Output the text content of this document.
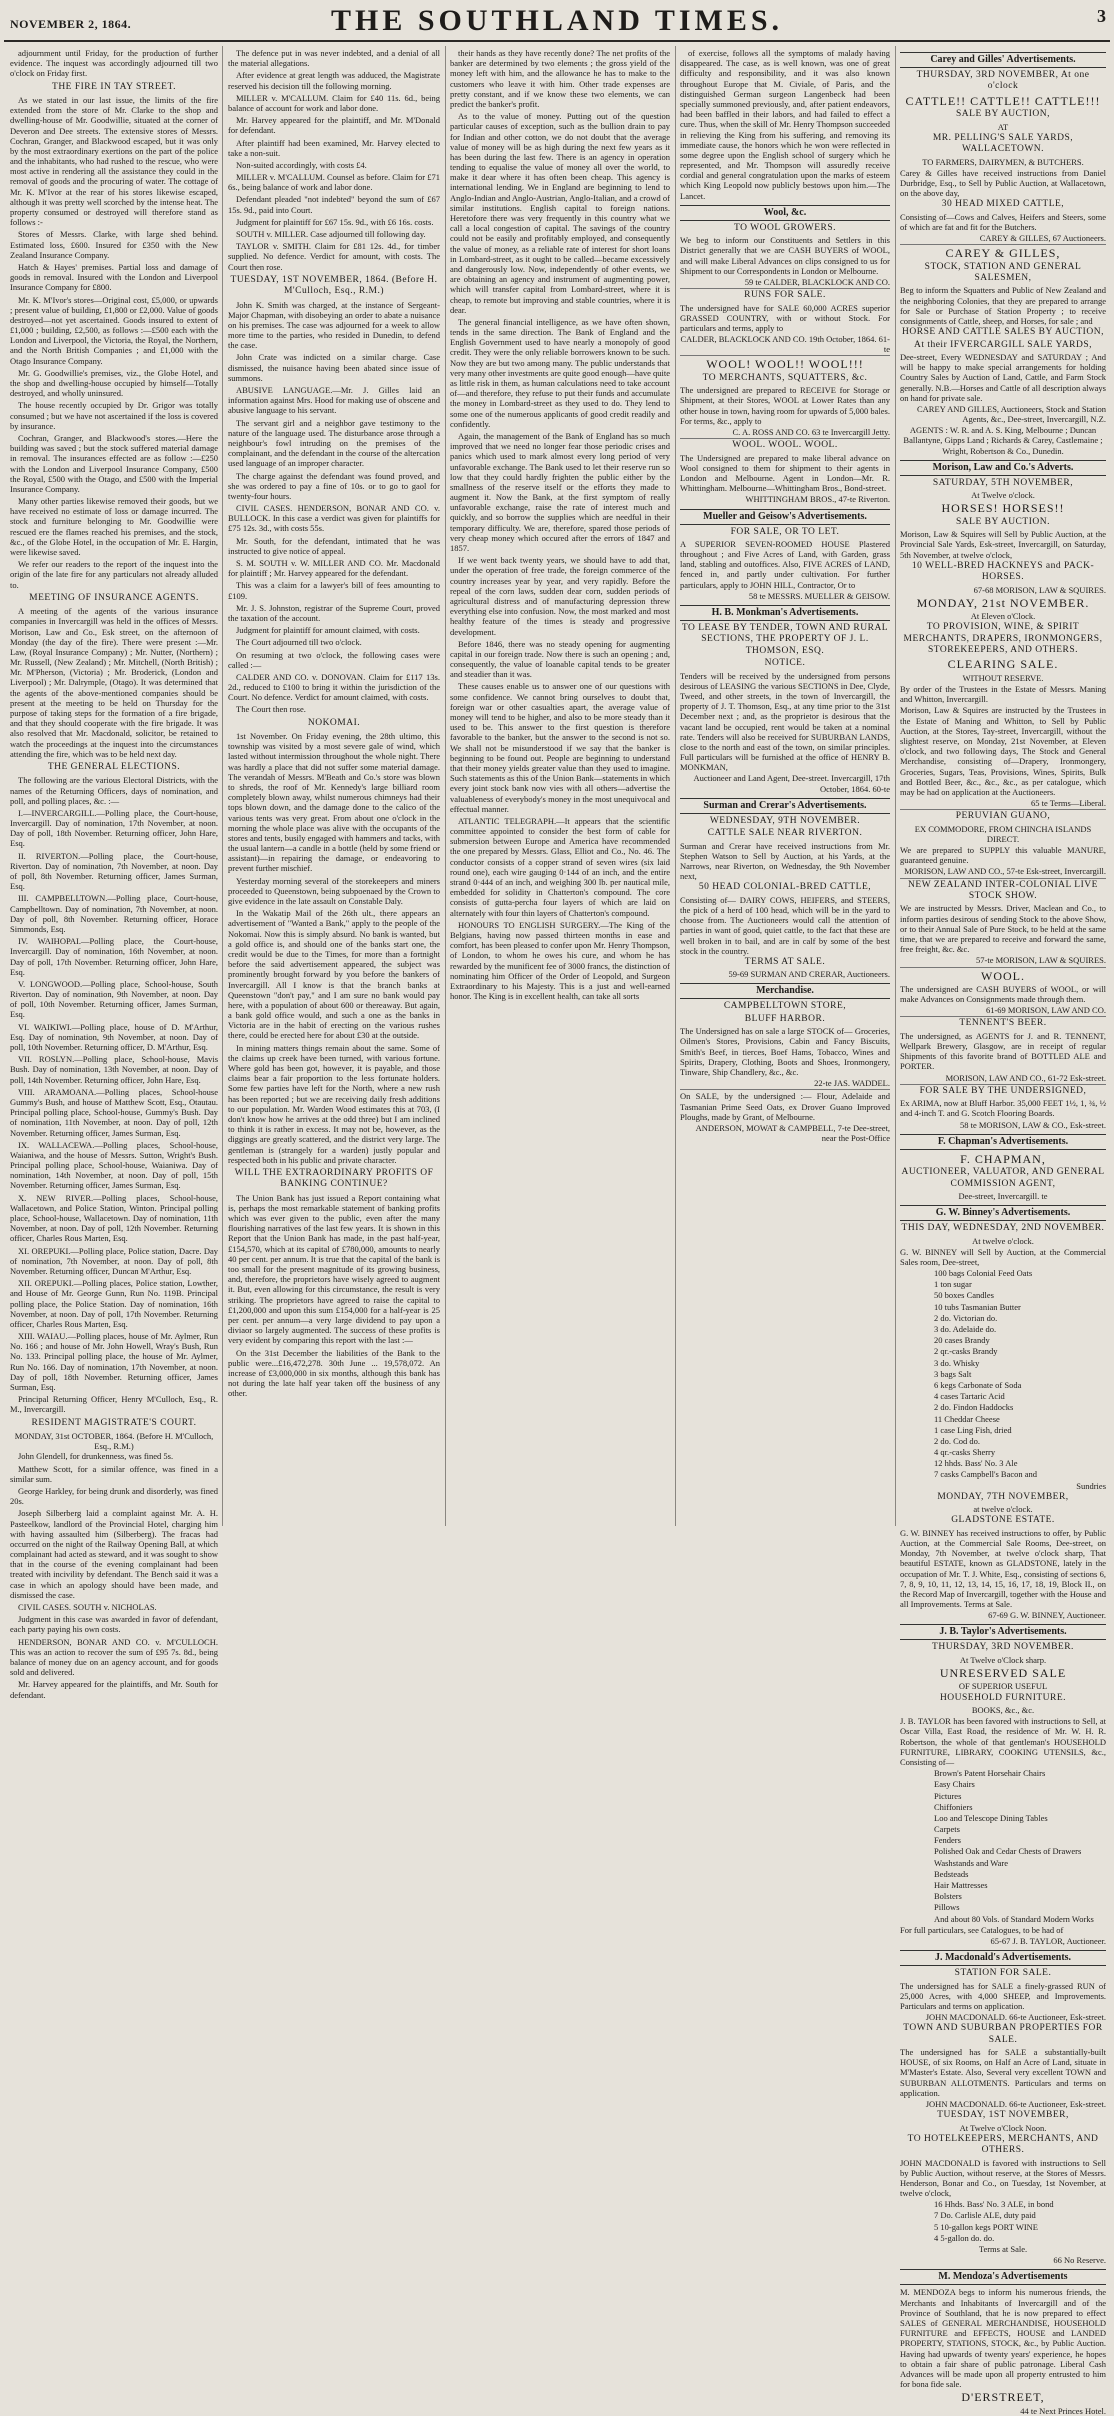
NOVEMBER 2, 1864.	THE SOUTHLAND TIMES.	3

adjournment until Friday, for the production of further evidence. The inquest was accordingly adjourned till two o'clock on Friday first.

THE FIRE IN TAY STREET.

As we stated in our last issue, the limits of the fire extended from the store of Mr. Clarke to the shop and dwelling-house of Mr. Goodwillie, situated at the corner of Deveron and Dee streets. The extensive stores of Messrs. Cochran, Granger, and Blackwood escaped, but it was only by the most extraordinary exertions on the part of the police and the inhabitants, who had rushed to the rescue, who were most active in rendering all the assistance they could in the removal of goods and the procuring of water. The cottage of Mr. K. M'Ivor at the rear of his stores likewise escaped, although it was pretty well scorched by the intense heat. The property consumed or destroyed will therefore stand as follows :-

Stores of Messrs. Clarke, with large shed behind. Estimated loss, £600. Insured for £350 with the New Zealand Insurance Company.

Hatch & Hayes' premises. Partial loss and damage of goods in removal. Insured with the London and Liverpool Insurance Company for £800.

Mr. K. M'Ivor's stores—Original cost, £5,000, or upwards ; present value of building, £1,800 or £2,000. Value of goods destroyed—not yet ascertained. Goods insured to extent of £1,000 ; building, £2,500, as follows :—£500 each with the London and Liverpool, the Victoria, the Royal, the Northern, and the North British Companies ; and £1,000 with the Otago Insurance Company.

Mr. G. Goodwillie's premises, viz., the Globe Hotel, and the shop and dwelling-house occupied by himself—Totally destroyed, and wholly uninsured.

The house recently occupied by Dr. Grigor was totally consumed ; but we have not ascertained if the loss is covered by insurance.

Cochran, Granger, and Blackwood's stores.—Here the building was saved ; but the stock suffered material damage in removal. The insurances effected are as follow :—£250 with the London and Liverpool Insurance Company, £500 the Royal, £500 with the Otago, and £500 with the Imperial Insurance Company.

Many other parties likewise removed their goods, but we have received no estimate of loss or damage incurred. The stock and furniture belonging to Mr. Goodwillie were rescued ere the flames reached his premises, and the stock, &c., of the Globe Hotel, in the occupation of Mr. E. Hargin, were likewise saved.

We refer our readers to the report of the inquest into the origin of the late fire for any particulars not already alluded to.

MEETING OF INSURANCE AGENTS.

A meeting of the agents of the various insurance companies in Invercargill was held in the offices of Messrs. Morison, Law and Co., Esk street, on the afternoon of Monday (the day of the fire). There were present :—Mr. Law, (Royal Insurance Company) ; Mr. Nutter, (Northern) ; Mr. Russell, (New Zealand) ; Mr. Mitchell, (North British) ; Mr. M'Pherson, (Victoria) ; Mr. Broderick, (London and Liverpool) ; Mr. Dalrymple, (Otago). It was determined that the agents of the above-mentioned companies should be present at the meeting to be held on Thursday for the purpose of taking steps for the formation of a fire brigade, and that they should cooperate with the fire brigade. It was also resolved that Mr. Macdonald, solicitor, be retained to watch the proceedings at the inquest into the circumstances attending the fire, which was to be held next day.

THE GENERAL ELECTIONS.

The following are the various Electoral Districts, with the names of the Returning Officers, days of nomination, and poll, and polling places, &c. :—

I.—INVERCARGILL.—Polling place, the Court-house, Invercargill. Day of nomination, 17th November, at noon. Day of poll, 18th November. Returning officer, John Hare, Esq.

II. RIVERTON.—Polling place, the Court-house, Riverton. Day of nomination, 7th November, at noon. Day of poll, 8th November. Returning officer, James Surman, Esq.

III. CAMPBELLTOWN.—Polling place, Court-house, Campbelltown. Day of nomination, 7th November, at noon. Day of poll, 8th November. Returning officer, Horace Simmonds, Esq.

IV. WAIHOPAI.—Polling place, the Court-house, Invercargill. Day of nomination, 16th November, at noon. Day of poll, 17th November. Returning officer, John Hare, Esq.

V. LONGWOOD.—Polling place, School-house, South Riverton. Day of nomination, 9th November, at noon. Day of poll, 10th November. Returning officer, James Surman, Esq.

VI. WAIKIWI.—Polling place, house of D. M'Arthur, Esq. Day of nomination, 9th November, at noon. Day of poll, 10th November. Returning officer, D. M'Arthur, Esq.

VII. ROSLYN.—Polling place, School-house, Mavis Bush. Day of nomination, 13th November, at noon. Day of poll, 14th November. Returning officer, John Hare, Esq.

VIII. ARAMOANA.—Polling places, School-house Gummy's Bush, and house of Matthew Scott, Esq., Otautau. Principal polling place, School-house, Gummy's Bush. Day of nomination, 11th November, at noon. Day of poll, 12th November. Returning officer, James Surman, Esq.

IX. WALLACEWA.—Polling places, School-house, Waianiwa, and the house of Messrs. Sutton, Wright's Bush. Principal polling place, School-house, Waianiwa. Day of nomination, 14th November, at noon. Day of poll, 15th November. Returning officer, James Surman, Esq.

X. NEW RIVER.—Polling places, School-house, Wallacetown, and Police Station, Winton. Principal polling place, School-house, Wallacetown. Day of nomination, 11th November, at noon. Day of poll, 12th November. Returning officer, Charles Rous Marten, Esq.

XI. OREPUKI.—Polling place, Police station, Dacre. Day of nomination, 7th November, at noon. Day of poll, 8th November. Returning officer, Duncan M'Arthur, Esq.

XII. OREPUKI.—Polling places, Police station, Lowther, and House of Mr. George Gunn, Run No. 119B. Principal polling place, the Police Station. Day of nomination, 16th November, at noon. Day of poll, 17th November. Returning officer, Charles Rous Marten, Esq.

XIII. WAIAU.—Polling places, house of Mr. Aylmer, Run No. 166 ; and house of Mr. John Howell, Wray's Bush, Run No. 133. Principal polling place, the house of Mr. Aylmer, Run No. 166. Day of nomination, 17th November, at noon. Day of poll, 18th November. Returning officer, James Surman, Esq.

Principal Returning Officer, Henry M'Culloch, Esq., R. M., Invercargill.

RESIDENT MAGISTRATE'S COURT.
MONDAY, 31st OCTOBER, 1864. (Before H. M'Culloch, Esq., R.M.)

John Glendell, for drunkenness, was fined 5s.

Matthew Scott, for a similar offence, was fined in a similar sum.

George Harkley, for being drunk and disorderly, was fined 20s.

Joseph Silberberg laid a complaint against Mr. A. H. Pasteelkow, landlord of the Provincial Hotel, charging him with having assaulted him (Silberberg). The fracas had occurred on the night of the Railway Opening Ball, at which complainant had acted as steward, and it was sought to show that in the course of the evening complainant had been treated with incivility by defendant. The Bench said it was a case in which an apology should have been made, and dismissed the case.

CIVIL CASES. SOUTH v. NICHOLAS.

Judgment in this case was awarded in favor of defendant, each party paying his own costs.

HENDERSON, BONAR AND CO. v. M'CULLOCH. This was an action to recover the sum of £95 7s. 8d., being balance of money due on an agency account, and for goods sold and delivered.

Mr. Harvey appeared for the plaintiffs, and Mr. South for defendant.

The defence put in was never indebted, and a denial of all the material allegations.

After evidence at great length was adduced, the Magistrate reserved his decision till the following morning.

MILLER v. M'CALLUM. Claim for £40 11s. 6d., being balance of account for work and labor done.

Mr. Harvey appeared for the plaintiff, and Mr. M'Donald for defendant.

After plaintiff had been examined, Mr. Harvey elected to take a non-suit.

Non-suited accordingly, with costs £4.

MILLER v. M'CALLUM. Counsel as before. Claim for £71 6s., being balance of work and labor done.

Defendant pleaded "not indebted" beyond the sum of £67 15s. 9d., paid into Court.

Judgment for plaintiff for £67 15s. 9d., with £6 16s. costs.

SOUTH v. MILLER. Case adjourned till following day.

TAYLOR v. SMITH. Claim for £81 12s. 4d., for timber supplied. No defence. Verdict for amount, with costs. The Court then rose.

TUESDAY, 1ST NOVEMBER, 1864. (Before H. M'Culloch, Esq., R.M.)

John K. Smith was charged, at the instance of Sergeant-Major Chapman, with disobeying an order to abate a nuisance on his premises. The case was adjourned for a week to allow more time to the parties, who resided in Dunedin, to defend the case.

John Crate was indicted on a similar charge. Case dismissed, the nuisance having been abated since issue of summons.

ABUSIVE LANGUAGE.—Mr. J. Gilles laid an information against Mrs. Hood for making use of obscene and abusive language to his servant.

The servant girl and a neighbor gave testimony to the nature of the language used. The disturbance arose through a neighbour's fowl intruding on the premises of the complainant, and the defendant in the course of the altercation used language of an improper character.

The charge against the defendant was found proved, and she was ordered to pay a fine of 10s. or to go to gaol for twenty-four hours.

CIVIL CASES. HENDERSON, BONAR AND CO. v. BULLOCK. In this case a verdict was given for plaintiffs for £75 12s. 3d., with costs 55s.

Mr. South, for the defendant, intimated that he was instructed to give notice of appeal.

S. M. SOUTH v. W. MILLER AND CO. Mr. Macdonald for plaintiff ; Mr. Harvey appeared for the defendant.

This was a claim for a lawyer's bill of fees amounting to £109.

Mr. J. S. Johnston, registrar of the Supreme Court, proved the taxation of the account.

Judgment for plaintiff for amount claimed, with costs.

The Court adjourned till two o'clock.

On resuming at two o'clock, the following cases were called :—

CALDER AND CO. v. DONOVAN. Claim for £117 13s. 2d., reduced to £100 to bring it within the jurisdiction of the Court. No defence. Verdict for amount claimed, with costs.

The Court then rose.

NOKOMAI.

1st November. On Friday evening, the 28th ultimo, this township was visited by a most severe gale of wind, which lasted without intermission throughout the whole night. There was hardly a place that did not suffer some material damage. The verandah of Messrs. M'Beath and Co.'s store was blown to shreds, the roof of Mr. Kennedy's large billiard room completely blown away, whilst numerous chimneys had their tops blown down, and the damage done to the calico of the various tents was very great. From about one o'clock in the morning the whole place was alive with the occupants of the stores and tents, busily engaged with hammers and tacks, with the usual lantern—a candle in a bottle (held by some friend or assistant)—in repairing the damage, or endeavoring to prevent further mischief.

Yesterday morning several of the storekeepers and miners proceeded to Queenstown, being subpoenaed by the Crown to give evidence in the late assault on Constable Daly.

In the Wakatip Mail of the 26th ult., there appears an advertisement of "Wanted a Bank," apply to the people of the Nokomai. Now this is simply absurd. No bank is wanted, but a gold office is, and should one of the banks start one, the credit would be due to the Times, for more than a fortnight before the said advertisement appeared, the subject was prominently brought forward by you before the bankers of Invercargill. All I know is that the branch banks at Queenstown "don't pay," and I am sure no bank would pay here, with a population of about 600 or thereaway. But again, a bank gold office would, and such a one as the banks in Victoria are in the habit of erecting on the various rushes there, could be erected here for about £30 at the outside.

In mining matters things remain about the same. Some of the claims up creek have been turned, with various fortune. Where gold has been got, however, it is payable, and those claims bear a fair proportion to the less fortunate holders. Some few parties have left for the North, where a new rush has been reported ; but we are receiving daily fresh additions to our population. Mr. Warden Wood estimates this at 703, (I don't know how he arrives at the odd three) but I am inclined to think it is rather in excess. It may not be, however, as the diggings are greatly scattered, and the district very large. The gentleman is (strangely for a warden) justly popular and respected both in his public and private character.

WILL THE EXTRAORDINARY PROFITS OF BANKING CONTINUE?

The Union Bank has just issued a Report containing what is, perhaps the most remarkable statement of banking profits which was ever given to the public, even after the many flourishing narratives of the last few years. It is shown in this Report that the Union Bank has made, in the past half-year, £154,570, which at its capital of £780,000, amounts to nearly 40 per cent. per annum. It is true that the capital of the bank is too small for the present magnitude of its growing business, and, therefore, the proprietors have wisely agreed to augment it. But, even allowing for this circumstance, the result is very striking. The proprietors have agreed to raise the capital to £1,200,000 and upon this sum £154,000 for a half-year is 25 per cent. per annum—a very large dividend to pay upon a diviaor so largely augmented. The success of these profits is very evident by comparing this report with the last :—

On the 31st December the liabilities of the Bank to the public were...£16,472,278. 30th June ... 19,578,072. An increase of £3,000,000 in six months, although this bank has not during the late half year taken off the business of any other.

their hands as they have recently done? The net profits of the banker are determined by two elements ; the gross yield of the money left with him, and the allowance he has to make to the customers who leave it with him. Other trade expenses are pretty constant, and if we know these two elements, we can predict the banker's profit.

As to the value of money. Putting out of the question particular causes of exception, such as the bullion drain to pay for Indian and other cotton, we do not doubt that the average value of money will be as high during the next few years as it has been during the last few. There is an agency in operation tending to equalise the value of money all over the world, to make it dear where it has often been cheap. This agency is international lending. We in England are beginning to lend to Anglo-Indian and Anglo-Austrian, Anglo-Italian, and a crowd of similar institutions. English capital to foreign nations. Heretofore there was very frequently in this country what we call a local congestion of capital. The savings of the country could not be easily and profitably employed, and consequently the value of money, as a reliable rate of interest for short loans in Lombard-street, as it ought to be called—became excessively and dangerously low. Now, independently of other events, we are obtaining an agency and instrument of augmenting power, which will transfer capital from Lombard-street, where it is cheap, to remote but improving and stable countries, where it is dear.

The general financial intelligence, as we have often shown, tends in the same direction. The Bank of England and the English Government used to have nearly a monopoly of good credit. They were the only reliable borrowers known to be such. Now they are but two among many. The public understands that very many other investments are quite good enough—have quite as little risk in them, as human calculations need to take account of—and therefore, they refuse to put their funds and accumulate the money in Lombard-street as they used to do. They lend to some one of the numerous applicants of good credit readily and confidently.

Again, the management of the Bank of England has so much improved that we need no longer fear those periodic crises and panics which used to mark almost every long period of very unfavorable exchange. The Bank used to let their reserve run so low that they could hardly frighten the public either by the smallness of the reserve itself or the efforts they made to augment it. Now the Bank, at the first symptom of really unfavorable exchange, raise the rate of interest much and quickly, and so borrow the supplies which are needful in their temporary difficulty. We are, therefore, spared those periods of very cheap money which occured after the errors of 1847 and 1857.

If we went back twenty years, we should have to add that, under the operation of free trade, the foreign commerce of the country increases year by year, and very rapidly. Before the repeal of the corn laws, sudden dear corn, sudden periods of agricultural distress and of manufacturing depression threw everything else into confusion. Now, the most marked and most healthy feature of the times is steady and progressive development.

Before 1846, there was no steady opening for augmenting capital in our foreign trade. Now there is such an opening ; and, consequently, the value of loanable capital tends to be greater and steadier than it was.

These causes enable us to answer one of our questions with some confidence. We cannot bring ourselves to doubt that, foreign war or other casualties apart, the average value of money will tend to be higher, and also to be more steady than it used to be. This answer to the first question is therefore favorable to the banker, but the answer to the second is not so. We shall not be misunderstood if we say that the banker is beginning to be found out. People are beginning to understand that their money yields greater value than they used to imagine. Such statements as this of the Union Bank—statements in which every joint stock bank now vies with all others—advertise the valuableness of everybody's money in the most unequivocal and effectual manner.

ATLANTIC TELEGRAPH.—It appears that the scientific committee appointed to consider the best form of cable for submersion between Europe and America have recommended the one prepared by Messrs. Glass, Elliot and Co., No. 46. The conductor consists of a copper strand of seven wires (six laid round one), each wire gauging 0·144 of an inch, and the entire strand 0·444 of an inch, and weighing 300 lb. per nautical mile, embedded for solidity in Chatterton's compound. The core consists of gutta-percha four layers of which are laid on alternately with four thin layers of Chatterton's compound.

HONOURS TO ENGLISH SURGERY.—The King of the Belgians, having now passed thirteen months in ease and comfort, has been pleased to confer upon Mr. Henry Thompson, of London, to whom he owes his cure, and whom he has rewarded by the munificent fee of 3000 francs, the distinction of nominating him Officer of the Order of Leopold, and Surgeon Extraordinary to his Majesty. This is a just and well-earned honor. The King is in excellent health, can take all sorts

of exercise, follows all the symptoms of malady having disappeared. The case, as is well known, was one of great difficulty and responsibility, and it was also known throughout Europe that M. Civiale, of Paris, and the distinguished German surgeon Langenbeck had been specially summoned previously, and, after patient endeavors, had been baffled in their labors, and had failed to effect a cure. Thus, when the skill of Mr. Henry Thompson succeeded in relieving the King from his suffering, and removing its immediate cause, the honors which he won were reflected in some degree upon the English school of surgery which he represented, and Mr. Thompson will assuredly receive cordial and general congratulation upon the marks of esteem which King Leopold now publicly bestows upon him.—The Lancet.

Wool, &c.
TO WOOL GROWERS.
We beg to inform our Constituents and Settlers in this District generally that we are CASH BUYERS of WOOL, and will make Liberal Advances on clips consigned to us for Shipment to our Correspondents in London or Melbourne.
59 te CALDER, BLACKLOCK AND CO.
RUNS FOR SALE.
The undersigned have for SALE 60,000 ACRES superior GRASSED COUNTRY, with or without Stock. For particulars and terms, apply to
CALDER, BLACKLOCK AND CO. 19th October, 1864. 61-te
WOOL! WOOL!! WOOL!!!
TO MERCHANTS, SQUATTERS, &c.
The undersigned are prepared to RECEIVE for Storage or Shipment, at their Stores, WOOL at Lower Rates than any other house in town, having room for upwards of 5,000 bales. For terms, &c., apply to
C. A. ROSS AND CO. 63 te Invercargill Jetty.
WOOL. WOOL. WOOL.
The Undersigned are prepared to make liberal advance on Wool consigned to them for shipment to their agents in London and Melbourne. Agent in London—Mr. R. Whittingham. Melbourne—Whittingham Bros., Bond-street.
WHITTINGHAM BROS., 47-te Riverton.
Mueller and Geisow's Advertisements.
FOR SALE, OR TO LET.
A SUPERIOR SEVEN-ROOMED HOUSE Plastered throughout ; and Five Acres of Land, with Garden, grass land, stabling and outoffices. Also, FIVE ACRES of LAND, fenced in, and partly under cultivation. For further particulars, apply to JOHN HILL, Contractor, Or to
58 te MESSRS. MUELLER & GEISOW.
H. B. Monkman's Advertisements.
TO LEASE BY TENDER, TOWN AND RURAL SECTIONS, THE PROPERTY OF J. L. THOMSON, ESQ.
NOTICE.
Tenders will be received by the undersigned from persons desirous of LEASING the various SECTIONS in Dee, Clyde, Tweed, and other streets, in the town of Invercargill, the property of J. T. Thomson, Esq., at any time prior to the 31st December next ; and, as the proprietor is desirous that the vacant land be occupied, rent would be taken at a nominal rate. Tenders will also be received for SUBURBAN LANDS, close to the north and east of the town, on similar principles. Full particulars will be furnished at the office of HENRY B. MONKMAN,
Auctioneer and Land Agent, Dee-street. Invercargill, 17th October, 1864. 60-te
Surman and Crerar's Advertisements.
WEDNESDAY, 9TH NOVEMBER.
CATTLE SALE NEAR RIVERTON.
Surman and Crerar have received instructions from Mr. Stephen Watson to Sell by Auction, at his Yards, at the Narrows, near Riverton, on Wednesday, the 9th November next,
50 HEAD COLONIAL-BRED CATTLE,
Consisting of— DAIRY COWS, HEIFERS, and STEERS, the pick of a herd of 100 head, which will be in the yard to choose from. The Auctioneers would call the attention of parties in want of good, quiet cattle, to the fact that these are well broken in to bail, and are in calf by some of the best stock in the country.
TERMS AT SALE.
59-69 SURMAN AND CRERAR, Auctioneers.
Merchandise.
CAMPBELLTOWN STORE,
BLUFF HARBOR.
The Undersigned has on sale a large STOCK of— Groceries, Oilmen's Stores, Provisions, Cabin and Fancy Biscuits, Smith's Beef, in tierces, Boef Hams, Tobacco, Wines and Spirits, Drapery, Clothing, Boots and Shoes, Ironmongery, Tinware, Ship Chandlery, &c., &c.
22-te JAS. WADDEL.
On SALE, by the undersigned :— Flour, Adelaide and Tasmanian Prime Seed Oats, ex Drover Guano Improved Ploughs, made by Grant, of Melbourne.
ANDERSON, MOWAT & CAMPBELL, 7-te Dee-street, near the Post-Office
Carey and Gilles' Advertisements.
THURSDAY, 3RD NOVEMBER, At one o'clock
CATTLE!! CATTLE!! CATTLE!!!
SALE BY AUCTION,
AT
MR. PELLING'S SALE YARDS, WALLACETOWN.
TO FARMERS, DAIRYMEN, & BUTCHERS.
Carey & Gilles have received instructions from Daniel Durbridge, Esq., to Sell by Public Auction, at Wallacetown, on the above day,
30 HEAD MIXED CATTLE,
Consisting of—Cows and Calves, Heifers and Steers, some of which are fat and fit for the Butchers.
CAREY & GILLES, 67 Auctioneers.
CAREY & GILLES,
STOCK, STATION AND GENERAL SALESMEN,
Beg to inform the Squatters and Public of New Zealand and the neighboring Colonies, that they are prepared to arrange for Sale or Purchase of Station Property ; to receive consignments of Cattle, sheep, and Horses, for sale ; and
HORSE AND CATTLE SALES BY AUCTION,
At their IFVERCARGILL SALE YARDS,
Dee-street, Every WEDNESDAY and SATURDAY ; And will be happy to make special arrangements for holding Country Sales by Auction of Land, Cattle, and Farm Stock generally. N.B.—Horses and Cattle of all description always on hand for private sale.
CAREY AND GILLES, Auctioneers, Stock and Station Agents, &c., Dee-street, Invercargill, N.Z.
AGENTS : W. R. and A. S. King, Melbourne ; Duncan Ballantyne, Gipps Land ; Richards & Carey, Castlemaine ; Wright, Robertson & Co., Dunedin.
Morison, Law and Co.'s Adverts.
SATURDAY, 5TH NOVEMBER,
At Twelve o'clock.
HORSES! HORSES!!
SALE BY AUCTION.
Morison, Law & Squires will Sell by Public Auction, at the Provincial Sale Yards, Esk-street, Invercargill, on Saturday, 5th November, at twelve o'clock,
10 WELL-BRED HACKNEYS and PACK-HORSES.
67-68 MORISON, LAW & SQUIRES.
MONDAY, 21st NOVEMBER.
At Eleven o'Clock.
TO PROVISION, WINE, & SPIRIT MERCHANTS, DRAPERS, IRONMONGERS, STOREKEEPERS, AND OTHERS.
CLEARING SALE.
WITHOUT RESERVE.
By order of the Trustees in the Estate of Messrs. Maning and Whitton, Invercargill.
Morison, Law & Squires are instructed by the Trustees in the Estate of Maning and Whitton, to Sell by Public Auction, at the Stores, Tay-street, Invercargill, without the slightest reserve, on Monday, 21st November, at Eleven o'clock, and two following days, The Stock and General Merchandise, consisting of—Drapery, Ironmongery, Groceries, Sugars, Teas, Provisions, Wines, Spirits, Bulk and Bottled Beer, &c., &c., &c., as per catalogue, which may be had on application at the Auctioneers.
65 te Terms—Liberal.
PERUVIAN GUANO,
EX COMMODORE, FROM CHINCHA ISLANDS DIRECT.
We are prepared to SUPPLY this valuable MANURE, guaranteed genuine.
MORISON, LAW AND CO., 57-te Esk-street, Invercargill.
NEW ZEALAND INTER-COLONIAL LIVE STOCK SHOW.
We are instructed by Messrs. Driver, Maclean and Co., to inform parties desirous of sending Stock to the above Show, or to their Annual Sale of Pure Stock, to be held at the same time, that we are prepared to receive and forward the same, free freight, &c. &c.
57-te MORISON, LAW & SQUIRES.
WOOL.
The undersigned are CASH BUYERS of WOOL, or will make Advances on Consignments made through them.
61-69 MORISON, LAW AND CO.
TENNENT'S BEER.
The undersigned, as AGENTS for J. and R. TENNENT, Wellpark Brewery, Glasgow, are in receipt of regular Shipments of this favorite brand of BOTTLED ALE and PORTER.
MORISON, LAW AND CO., 61-72 Esk-street.
FOR SALE BY THE UNDERSIGNED,
Ex ARIMA, now at Bluff Harbor. 35,000 FEET 1½, 1, ¾, ½ and 4-inch T. and G. Scotch Flooring Boards.
58 te MORISON, LAW & CO., Esk-street.
F. Chapman's Advertisements.
F. CHAPMAN,
AUCTIONEER, VALUATOR, AND GENERAL COMMISSION AGENT,
Dee-street, Invercargill. te
G. W. Binney's Advertisements.
THIS DAY, WEDNESDAY, 2ND NOVEMBER.
At twelve o'clock.
G. W. BINNEY will Sell by Auction, at the Commercial Sales room, Dee-street,
100 bags Colonial Feed Oats
1 ton sugar
50 boxes Candles
10 tubs Tasmanian Butter
2 do. Victorian do.
3 do. Adelaide do.
20 cases Brandy
2 qr.-casks Brandy
3 do. Whisky
3 bags Salt
6 kegs Carbonate of Soda
4 cases Tartaric Acid
2 do. Findon Haddocks
11 Cheddar Cheese
1 case Ling Fish, dried
2 do. Cod do.
4 qr.-casks Sherry
12 hhds. Bass' No. 3 Ale
7 casks Campbell's Bacon and
Sundries
MONDAY, 7TH NOVEMBER,
at twelve o'clock.
GLADSTONE ESTATE.
G. W. BINNEY has received instructions to offer, by Public Auction, at the Commercial Sale Rooms, Dee-street, on Monday, 7th November, at twelve o'clock sharp, That beautiful ESTATE, known as GLADSTONE, lately in the occupation of Mr. T. J. White, Esq., consisting of sections 6, 7, 8, 9, 10, 11, 12, 13, 14, 15, 16, 17, 18, 19, Block II., on the Record Map of Invercargill, together with the House and all Improvements. Terms at Sale.
67-69 G. W. BINNEY, Auctioneer.
J. B. Taylor's Advertisements.
THURSDAY, 3RD NOVEMBER.
At Twelve o'Clock sharp.
UNRESERVED SALE
OF SUPERIOR USEFUL
HOUSEHOLD FURNITURE.
BOOKS, &c., &c.
J. B. TAYLOR has been favored with instructions to Sell, at Oscar Villa, East Road, the residence of Mr. W. H. R. Robertson, the whole of that gentleman's HOUSEHOLD FURNITURE, LIBRARY, COOKING UTENSILS, &c., Consisting of—
Brown's Patent Horsehair Chairs
Easy Chairs
Pictures
Chiffoniers
Loo and Telescope Dining Tables
Carpets
Fenders
Polished Oak and Cedar Chests of Drawers
Washstands and Ware
Bedsteads
Hair Mattresses
Bolsters
Pillows
And about 80 Vols. of Standard Modern Works
For full particulars, see Catalogues, to be had of
65-67 J. B. TAYLOR, Auctioneer.
J. Macdonald's Advertisements.
STATION FOR SALE.
The undersigned has for SALE a finely-grassed RUN of 25,000 Acres, with 4,000 SHEEP, and Improvements. Particulars and terms on application.
JOHN MACDONALD. 66-te Auctioneer, Esk-street.
TOWN AND SUBURBAN PROPERTIES FOR SALE.
The undersigned has for SALE a substantially-built HOUSE, of six Rooms, on Half an Acre of Land, situate in M'Master's Estate. Also, Several very excellent TOWN and SUBURBAN ALLOTMENTS. Particulars and terms on application.
JOHN MACDONALD. 66-te Auctioneer, Esk-street.
TUESDAY, 1ST NOVEMBER,
At Twelve o'Clock Noon.
TO HOTELKEEPERS, MERCHANTS, AND OTHERS.
JOHN MACDONALD is favored with instructions to Sell by Public Auction, without reserve, at the Stores of Messrs. Henderson, Bonar and Co., on Tuesday, 1st November, at twelve o'clock,
16 Hhds. Bass' No. 3 ALE, in bond
7 Do. Carlisle ALE, duty paid
5 10-gallon kegs PORT WINE
4 5-gallon do. do.
Terms at Sale.
66 No Reserve.
M. Mendoza's Advertisements
M. MENDOZA begs to inform his numerous friends, the Merchants and Inhabitants of Invercargill and of the Province of Southland, that he is now prepared to effect SALES of GENERAL MERCHANDISE, HOUSEHOLD FURNITURE and EFFECTS, HOUSE and LANDED PROPERTY, STATIONS, STOCK, &c., by Public Auction. Having had upwards of twenty years' experience, he hopes to obtain a fair share of public patronage. Liberal Cash Advances will be made upon all property entrusted to him for bona fide sale.
D'ERSTREET,
44 te Next Princes Hotel.
